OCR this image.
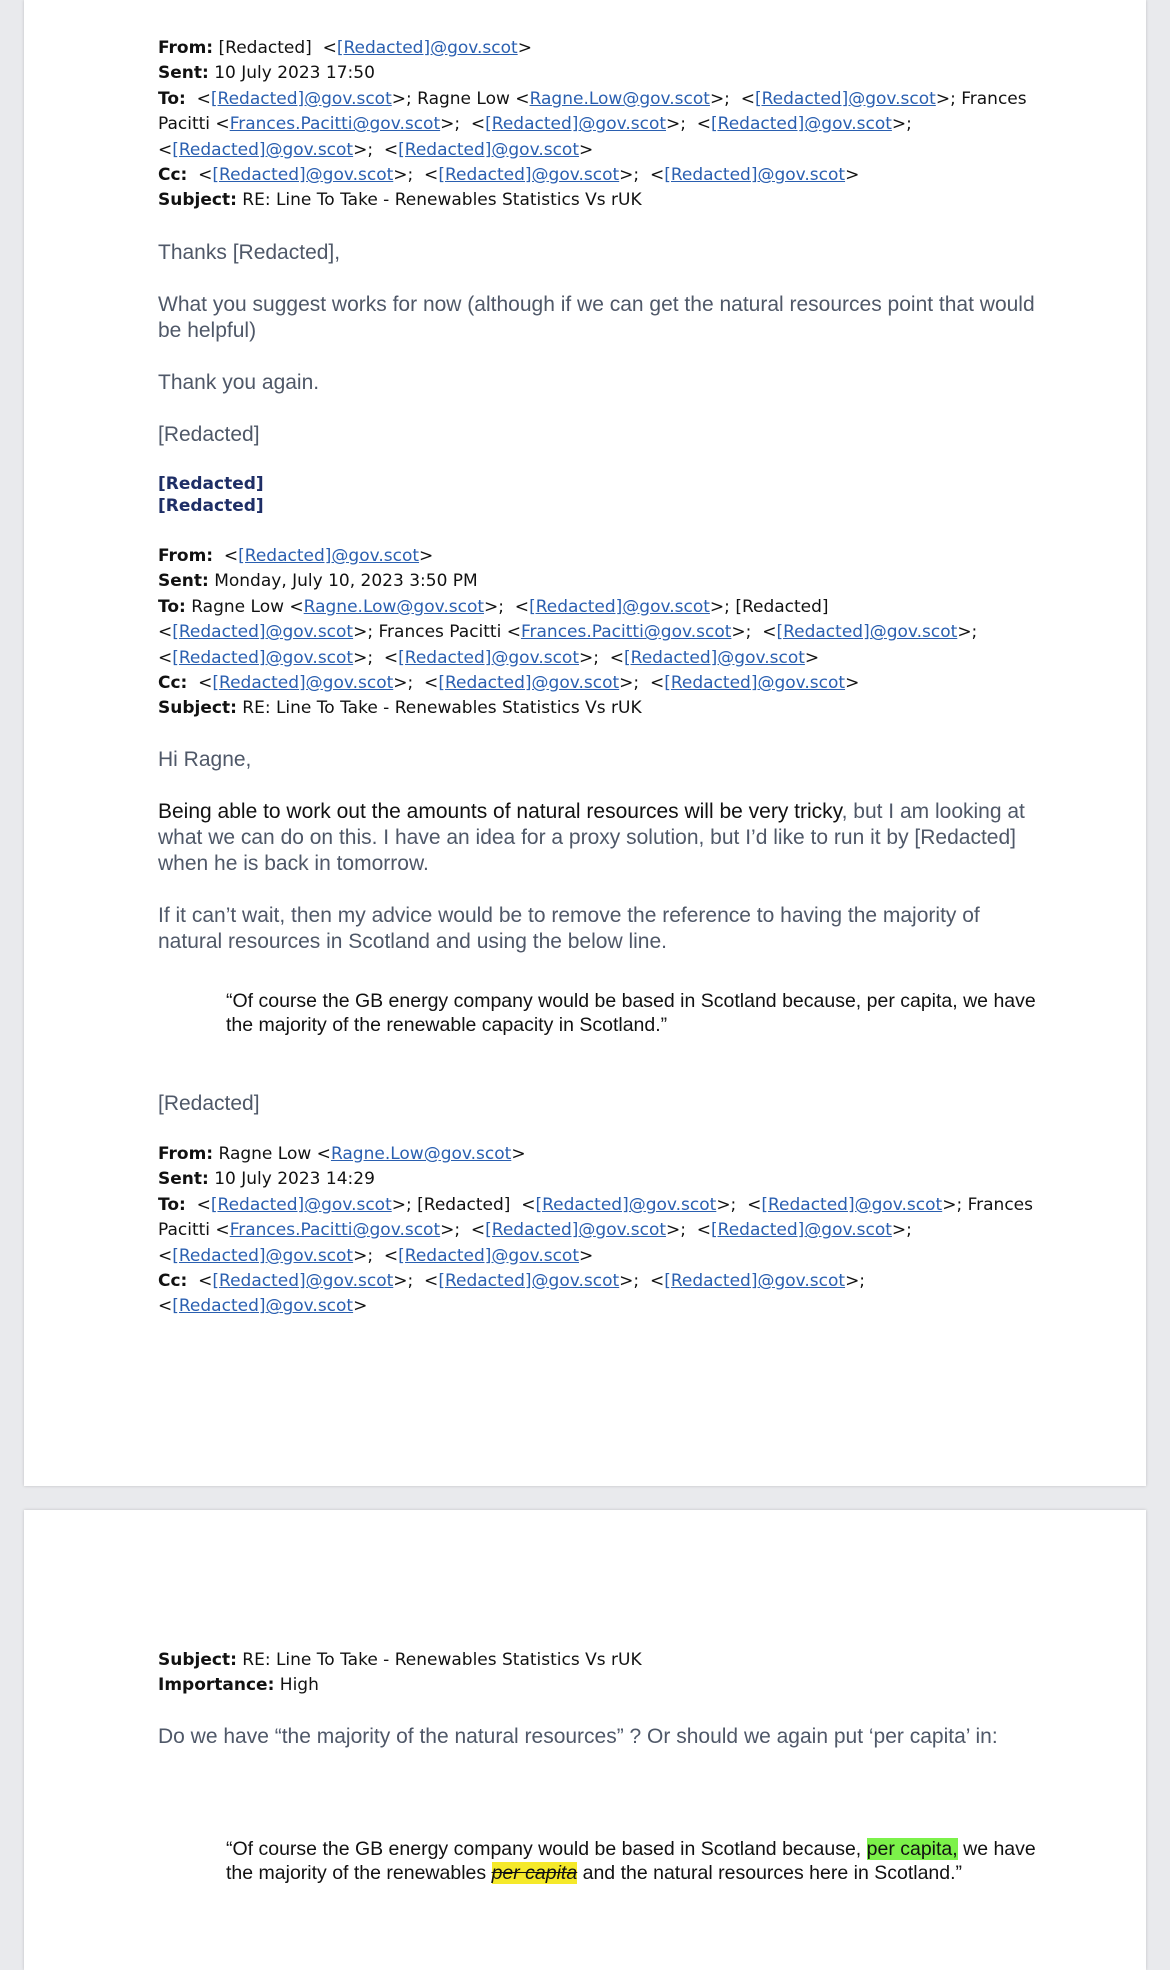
From: [Redacted]  <[Redacted]@gov.scot>
Sent: 10 July 2023 17:50
To:  <[Redacted]@gov.scot>; Ragne Low <Ragne.Low@gov.scot>;  <[Redacted]@gov.scot>; Frances
Pacitti <Frances.Pacitti@gov.scot>;  <[Redacted]@gov.scot>;  <[Redacted]@gov.scot>;
<[Redacted]@gov.scot>;  <[Redacted]@gov.scot>
Cc:  <[Redacted]@gov.scot>;  <[Redacted]@gov.scot>;  <[Redacted]@gov.scot>
Subject: RE: Line To Take - Renewables Statistics Vs rUK

Thanks [Redacted],

What you suggest works for now (although if we can get the natural resources point that would be helpful)

Thank you again.

[Redacted]

[Redacted]
[Redacted]
From:  <[Redacted]@gov.scot>
Sent: Monday, July 10, 2023 3:50 PM
To: Ragne Low <Ragne.Low@gov.scot>;  <[Redacted]@gov.scot>; [Redacted]
<[Redacted]@gov.scot>; Frances Pacitti <Frances.Pacitti@gov.scot>;  <[Redacted]@gov.scot>;
<[Redacted]@gov.scot>;  <[Redacted]@gov.scot>;  <[Redacted]@gov.scot>
Cc:  <[Redacted]@gov.scot>;  <[Redacted]@gov.scot>;  <[Redacted]@gov.scot>
Subject: RE: Line To Take - Renewables Statistics Vs rUK

Hi Ragne,

Being able to work out the amounts of natural resources will be very tricky, but I am looking at what we can do on this. I have an idea for a proxy solution, but I’d like to run it by [Redacted] when he is back in tomorrow.

If it can’t wait, then my advice would be to remove the reference to having the majority of natural resources in Scotland and using the below line.

“Of course the GB energy company would be based in Scotland because, per capita, we have the majority of the renewable capacity in Scotland.”

[Redacted]

From: Ragne Low <Ragne.Low@gov.scot>
Sent: 10 July 2023 14:29
To:  <[Redacted]@gov.scot>; [Redacted]  <[Redacted]@gov.scot>;  <[Redacted]@gov.scot>; Frances
Pacitti <Frances.Pacitti@gov.scot>;  <[Redacted]@gov.scot>;  <[Redacted]@gov.scot>;
<[Redacted]@gov.scot>;  <[Redacted]@gov.scot>
Cc:  <[Redacted]@gov.scot>;  <[Redacted]@gov.scot>;  <[Redacted]@gov.scot>;
<[Redacted]@gov.scot>
Subject: RE: Line To Take - Renewables Statistics Vs rUK
Importance: High

Do we have “the majority of the natural resources” ? Or should we again put ‘per capita’ in:

“Of course the GB energy company would be based in Scotland because, per capita, we have the majority of the renewables per capita and the natural resources here in Scotland.”
